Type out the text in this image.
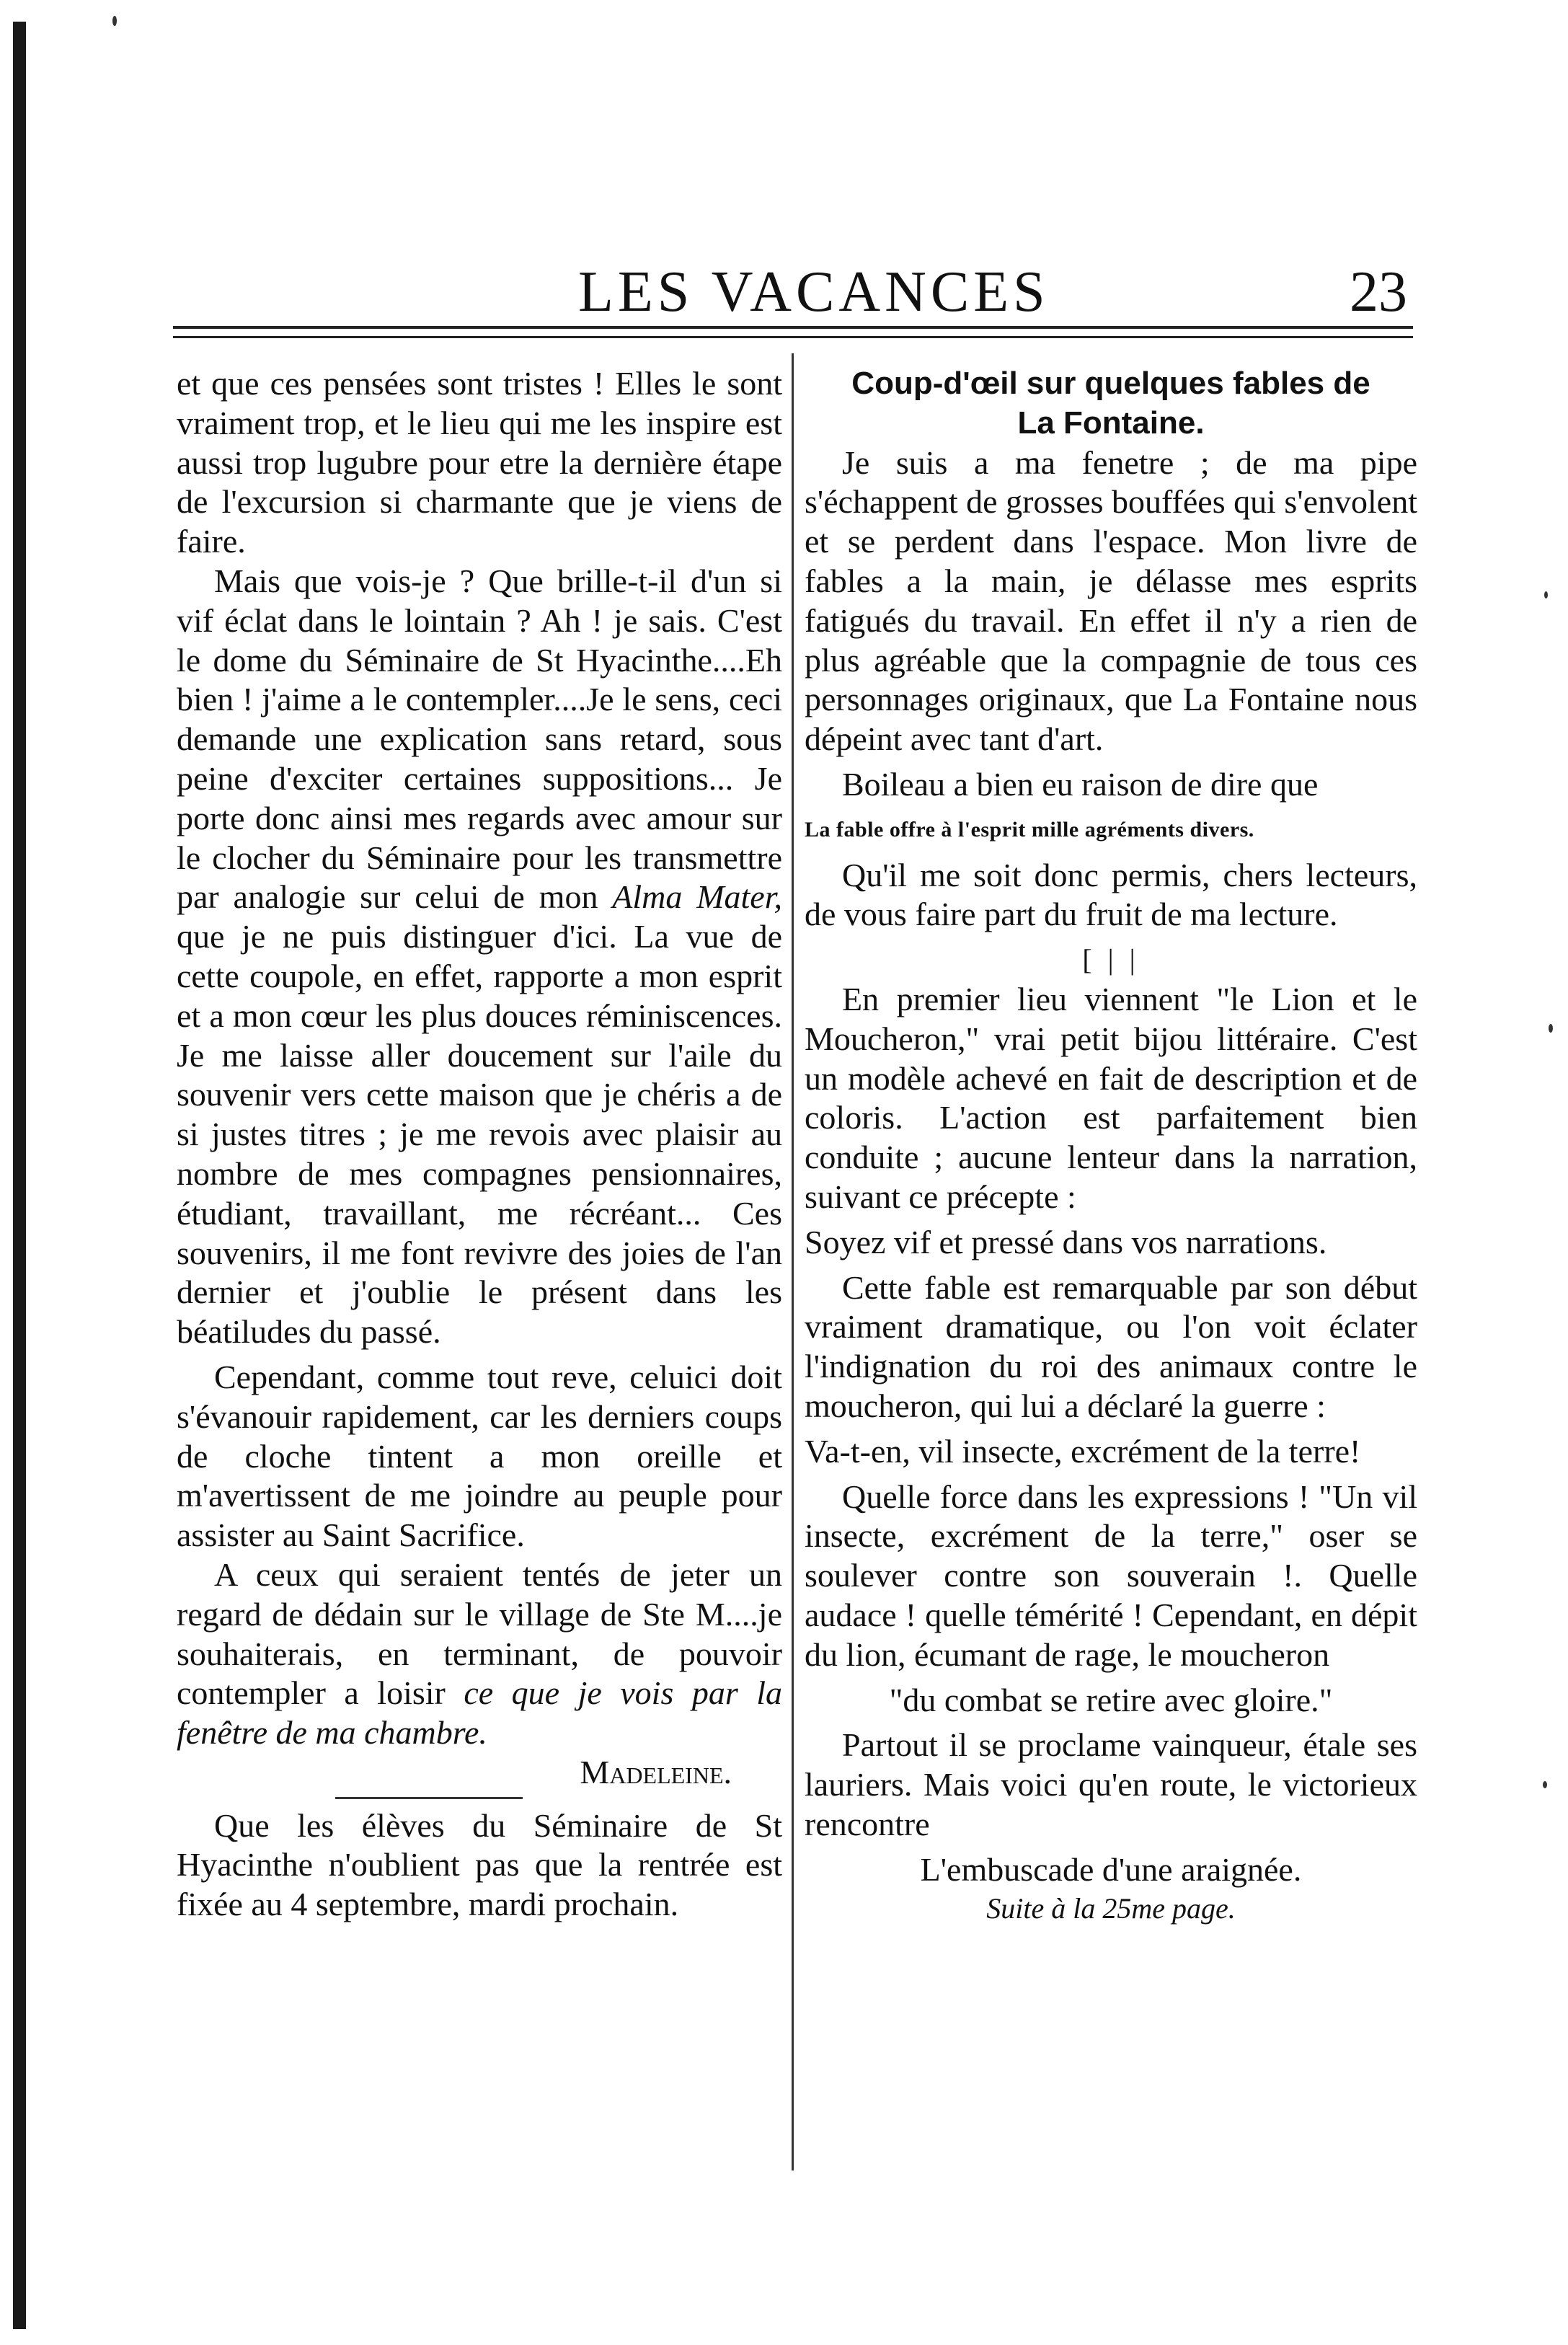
LES VACANCES	23

et que ces pensées sont tristes ! Elles le sont vraiment trop, et le lieu qui me les inspire est aussi trop lugubre pour etre la dernière étape de l'excursion si charmante que je viens de faire.

Mais que vois-je ? Que brille-t-il d'un si vif éclat dans le lointain ? Ah ! je sais. C'est le dome du Séminaire de St Hyacinthe....Eh bien ! j'aime a le contempler....Je le sens, ceci demande une explication sans retard, sous peine d'exciter certaines suppositions... Je porte donc ainsi mes regards avec amour sur le clocher du Séminaire pour les transmettre par analogie sur celui de mon Alma Mater, que je ne puis distinguer d'ici. La vue de cette coupole, en effet, rapporte a mon esprit et a mon cœur les plus douces réminiscences. Je me laisse aller doucement sur l'aile du souvenir vers cette maison que je chéris a de si justes titres ; je me revois avec plaisir au nombre de mes compagnes pensionnaires, étudiant, travaillant, me récréant... Ces souvenirs, il me font revivre des joies de l'an dernier et j'oublie le présent dans les béatiludes du passé.

Cependant, comme tout reve, celuici doit s'évanouir rapidement, car les derniers coups de cloche tintent a mon oreille et m'avertissent de me joindre au peuple pour assister au Saint Sacrifice.

A ceux qui seraient tentés de jeter un regard de dédain sur le village de Ste M....je souhaiterais, en terminant, de pouvoir contempler a loisir ce que je vois par la fenêtre de ma chambre.

Madeleine.

Que les élèves du Séminaire de St Hyacinthe n'oublient pas que la rentrée est fixée au 4 septembre, mardi prochain.

Coup-d'œil sur quelques fables de

La Fontaine.

Je suis a ma fenetre ; de ma pipe s'échappent de grosses bouffées qui s'envolent et se perdent dans l'espace. Mon livre de fables a la main, je délasse mes esprits fatigués du travail. En effet il n'y a rien de plus agréable que la compagnie de tous ces personnages originaux, que La Fontaine nous dépeint avec tant d'art.

Boileau a bien eu raison de dire que

La fable offre à l'esprit mille agréments divers.

Qu'il me soit donc permis, chers lecteurs, de vous faire part du fruit de ma lecture.

[ | |

En premier lieu viennent "le Lion et le Moucheron," vrai petit bijou littéraire. C'est un modèle achevé en fait de description et de coloris. L'action est parfaitement bien conduite ; aucune lenteur dans la narration, suivant ce précepte :

Soyez vif et pressé dans vos narrations.

Cette fable est remarquable par son début vraiment dramatique, ou l'on voit éclater l'indignation du roi des animaux contre le moucheron, qui lui a déclaré la guerre :

Va-t-en, vil insecte, excrément de la terre!

Quelle force dans les expressions ! "Un vil insecte, excrément de la terre," oser se soulever contre son souverain !. Quelle audace ! quelle témérité ! Cependant, en dépit du lion, écumant de rage, le moucheron

"du combat se retire avec gloire."

Partout il se proclame vainqueur, étale ses lauriers. Mais voici qu'en route, le victorieux rencontre

L'embuscade d'une araignée.

Suite à la 25me page.
